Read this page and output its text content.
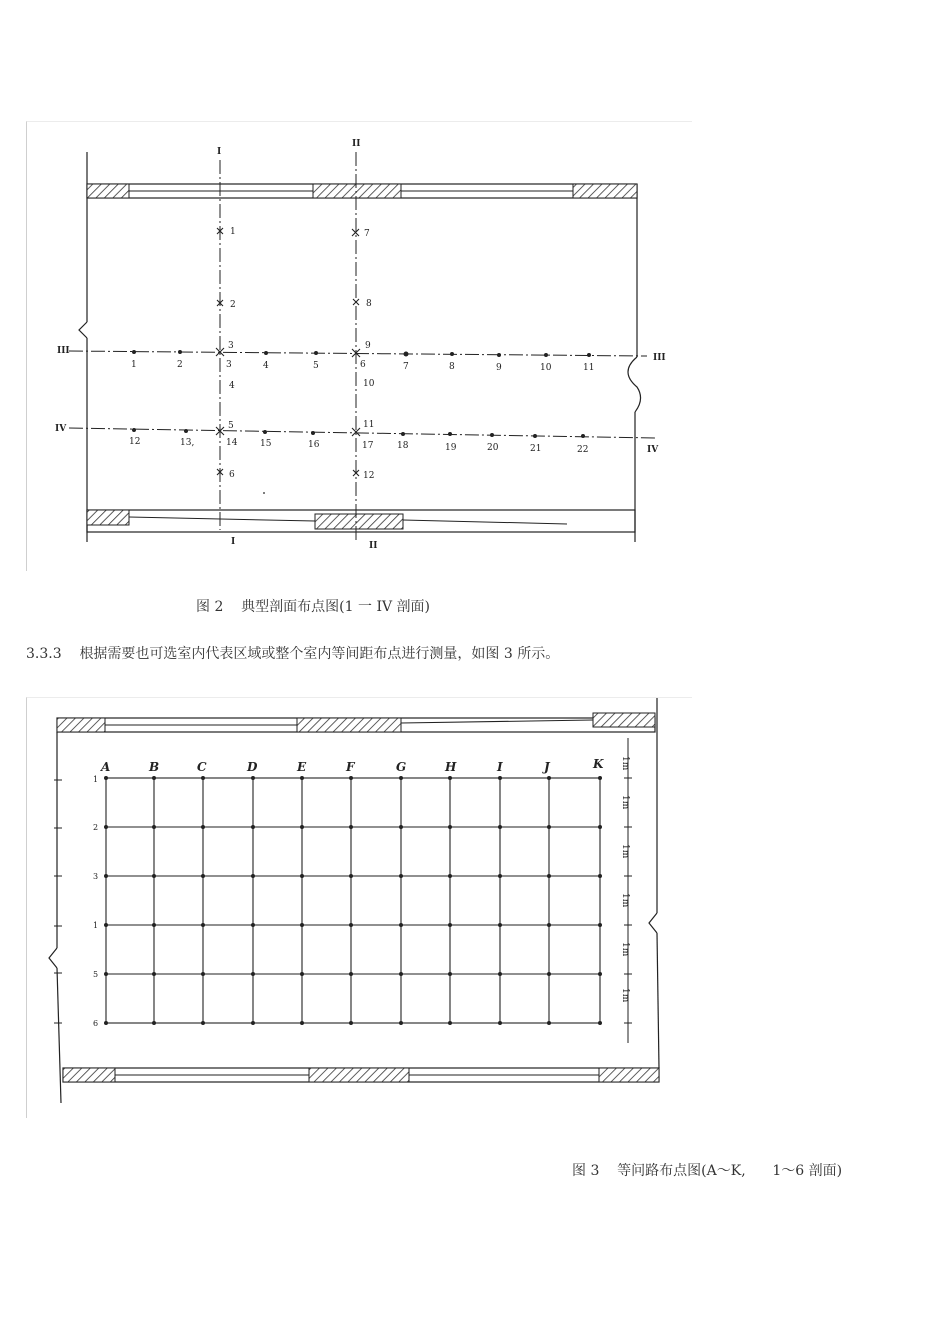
I
I
II
II
III
III
IV
IV
1	2	3	4	5	6	7	8	9	10	11
12	13,	14	15	16	17	18	19	20	21	22
1
2
3
4
5
6
7
8
9
10
11
12
图 2 典型剖面布点图(1 一 IV 剖面)
3.3.3 根据需要也可选室内代表区域或整个室内等间距布点进行测量，如图 3 所示。
A	B	C	D	E	F	G	H	I	J	K
1
2
3
1
5
6
1m
1m
1m
1m
1m
1m
图 3 等问路布点图(A～K, 1～6 剖面)
